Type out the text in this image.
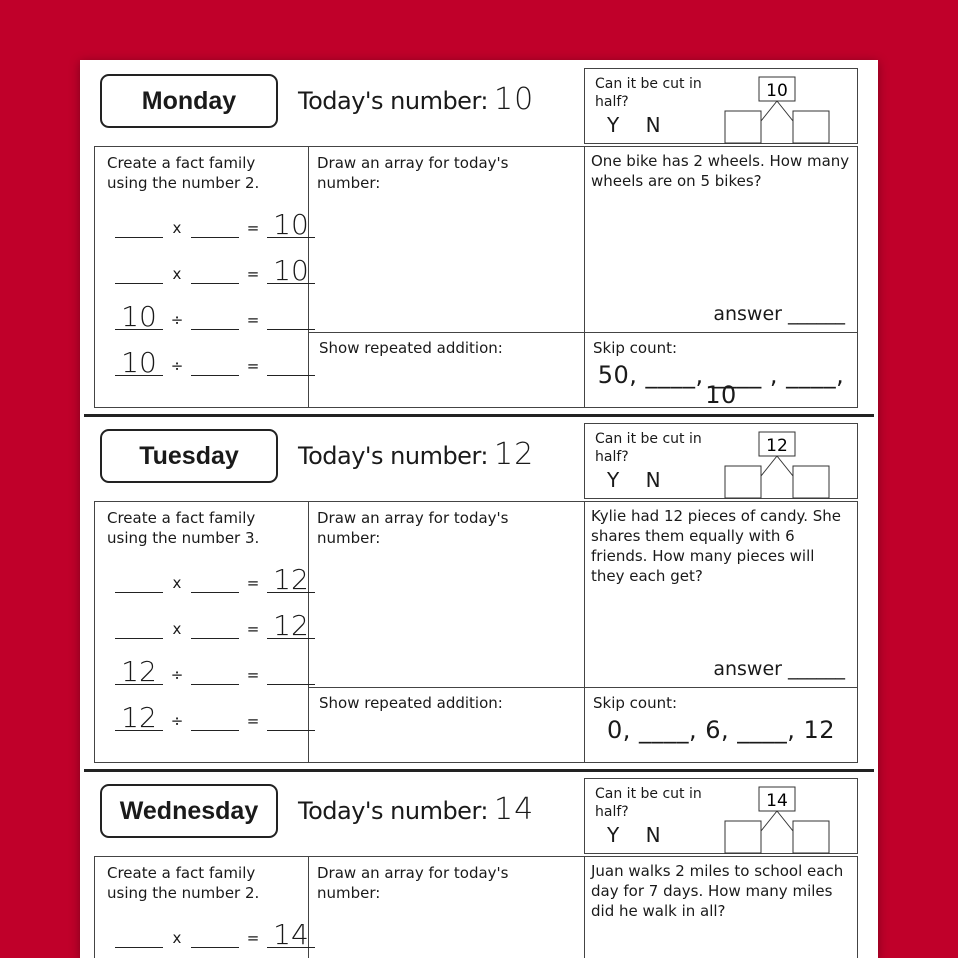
Monday	Today's number: 10	Can it be cut in half?
Y N
10
Create a fact family using the number 2.
x	= 10
x	= 10
10 ÷	=
10 ÷	=
Draw an array for today's number:
One bike has 2 wheels. How many wheels are on 5 bikes?
answer ______
Show repeated addition:	Skip count:
50, ____, ____ , ____, 10
Tuesday	Today's number: 12	Can it be cut in half?
Y N
12
Create a fact family using the number 3.
x	= 12
x	= 12
12 ÷	=
12 ÷	=
Draw an array for today's number:
Kylie had 12 pieces of candy. She shares them equally with 6 friends. How many pieces will they each get?
answer ______
Show repeated addition:	Skip count:
0, ____, 6, ____, 12
Wednesday	Today's number: 14	Can it be cut in half?
Y N
14
Create a fact family using the number 2.
x	= 14
Draw an array for today's number:
Juan walks 2 miles to school each day for 7 days. How many miles did he walk in all?
